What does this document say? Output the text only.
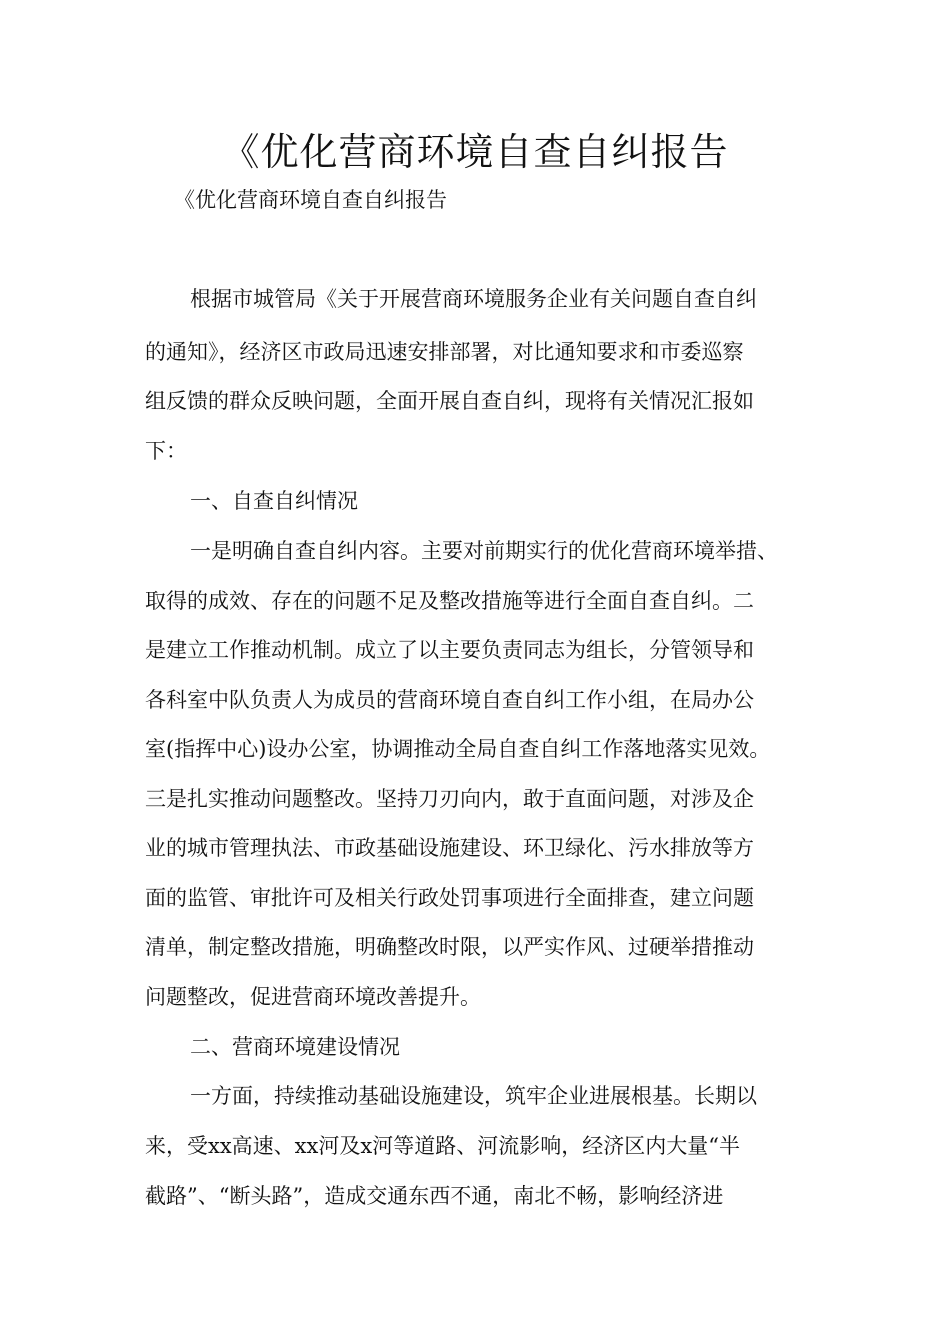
《优化营商环境自查自纠报告

《优化营商环境自查自纠报告

根据市城管局《关于开展营商环境服务企业有关问题自查自纠

的通知》，经济区市政局迅速安排部署，对比通知要求和市委巡察

组反馈的群众反映问题，全面开展自查自纠，现将有关情况汇报如

下：

一、自查自纠情况

一是明确自查自纠内容。主要对前期实行的优化营商环境举措、

取得的成效、存在的问题不足及整改措施等进行全面自查自纠。二

是建立工作推动机制。成立了以主要负责同志为组长，分管领导和

各科室中队负责人为成员的营商环境自查自纠工作小组，在局办公

室(指挥中心)设办公室，协调推动全局自查自纠工作落地落实见效。

三是扎实推动问题整改。坚持刀刃向内，敢于直面问题，对涉及企

业的城市管理执法、市政基础设施建设、环卫绿化、污水排放等方

面的监管、审批许可及相关行政处罚事项进行全面排查，建立问题

清单，制定整改措施，明确整改时限，以严实作风、过硬举措推动

问题整改，促进营商环境改善提升。

二、营商环境建设情况

一方面，持续推动基础设施建设，筑牢企业进展根基。长期以

来，受xx高速、xx河及x河等道路、河流影响，经济区内大量“半

截路”、“断头路”，造成交通东西不通，南北不畅，影响经济进
